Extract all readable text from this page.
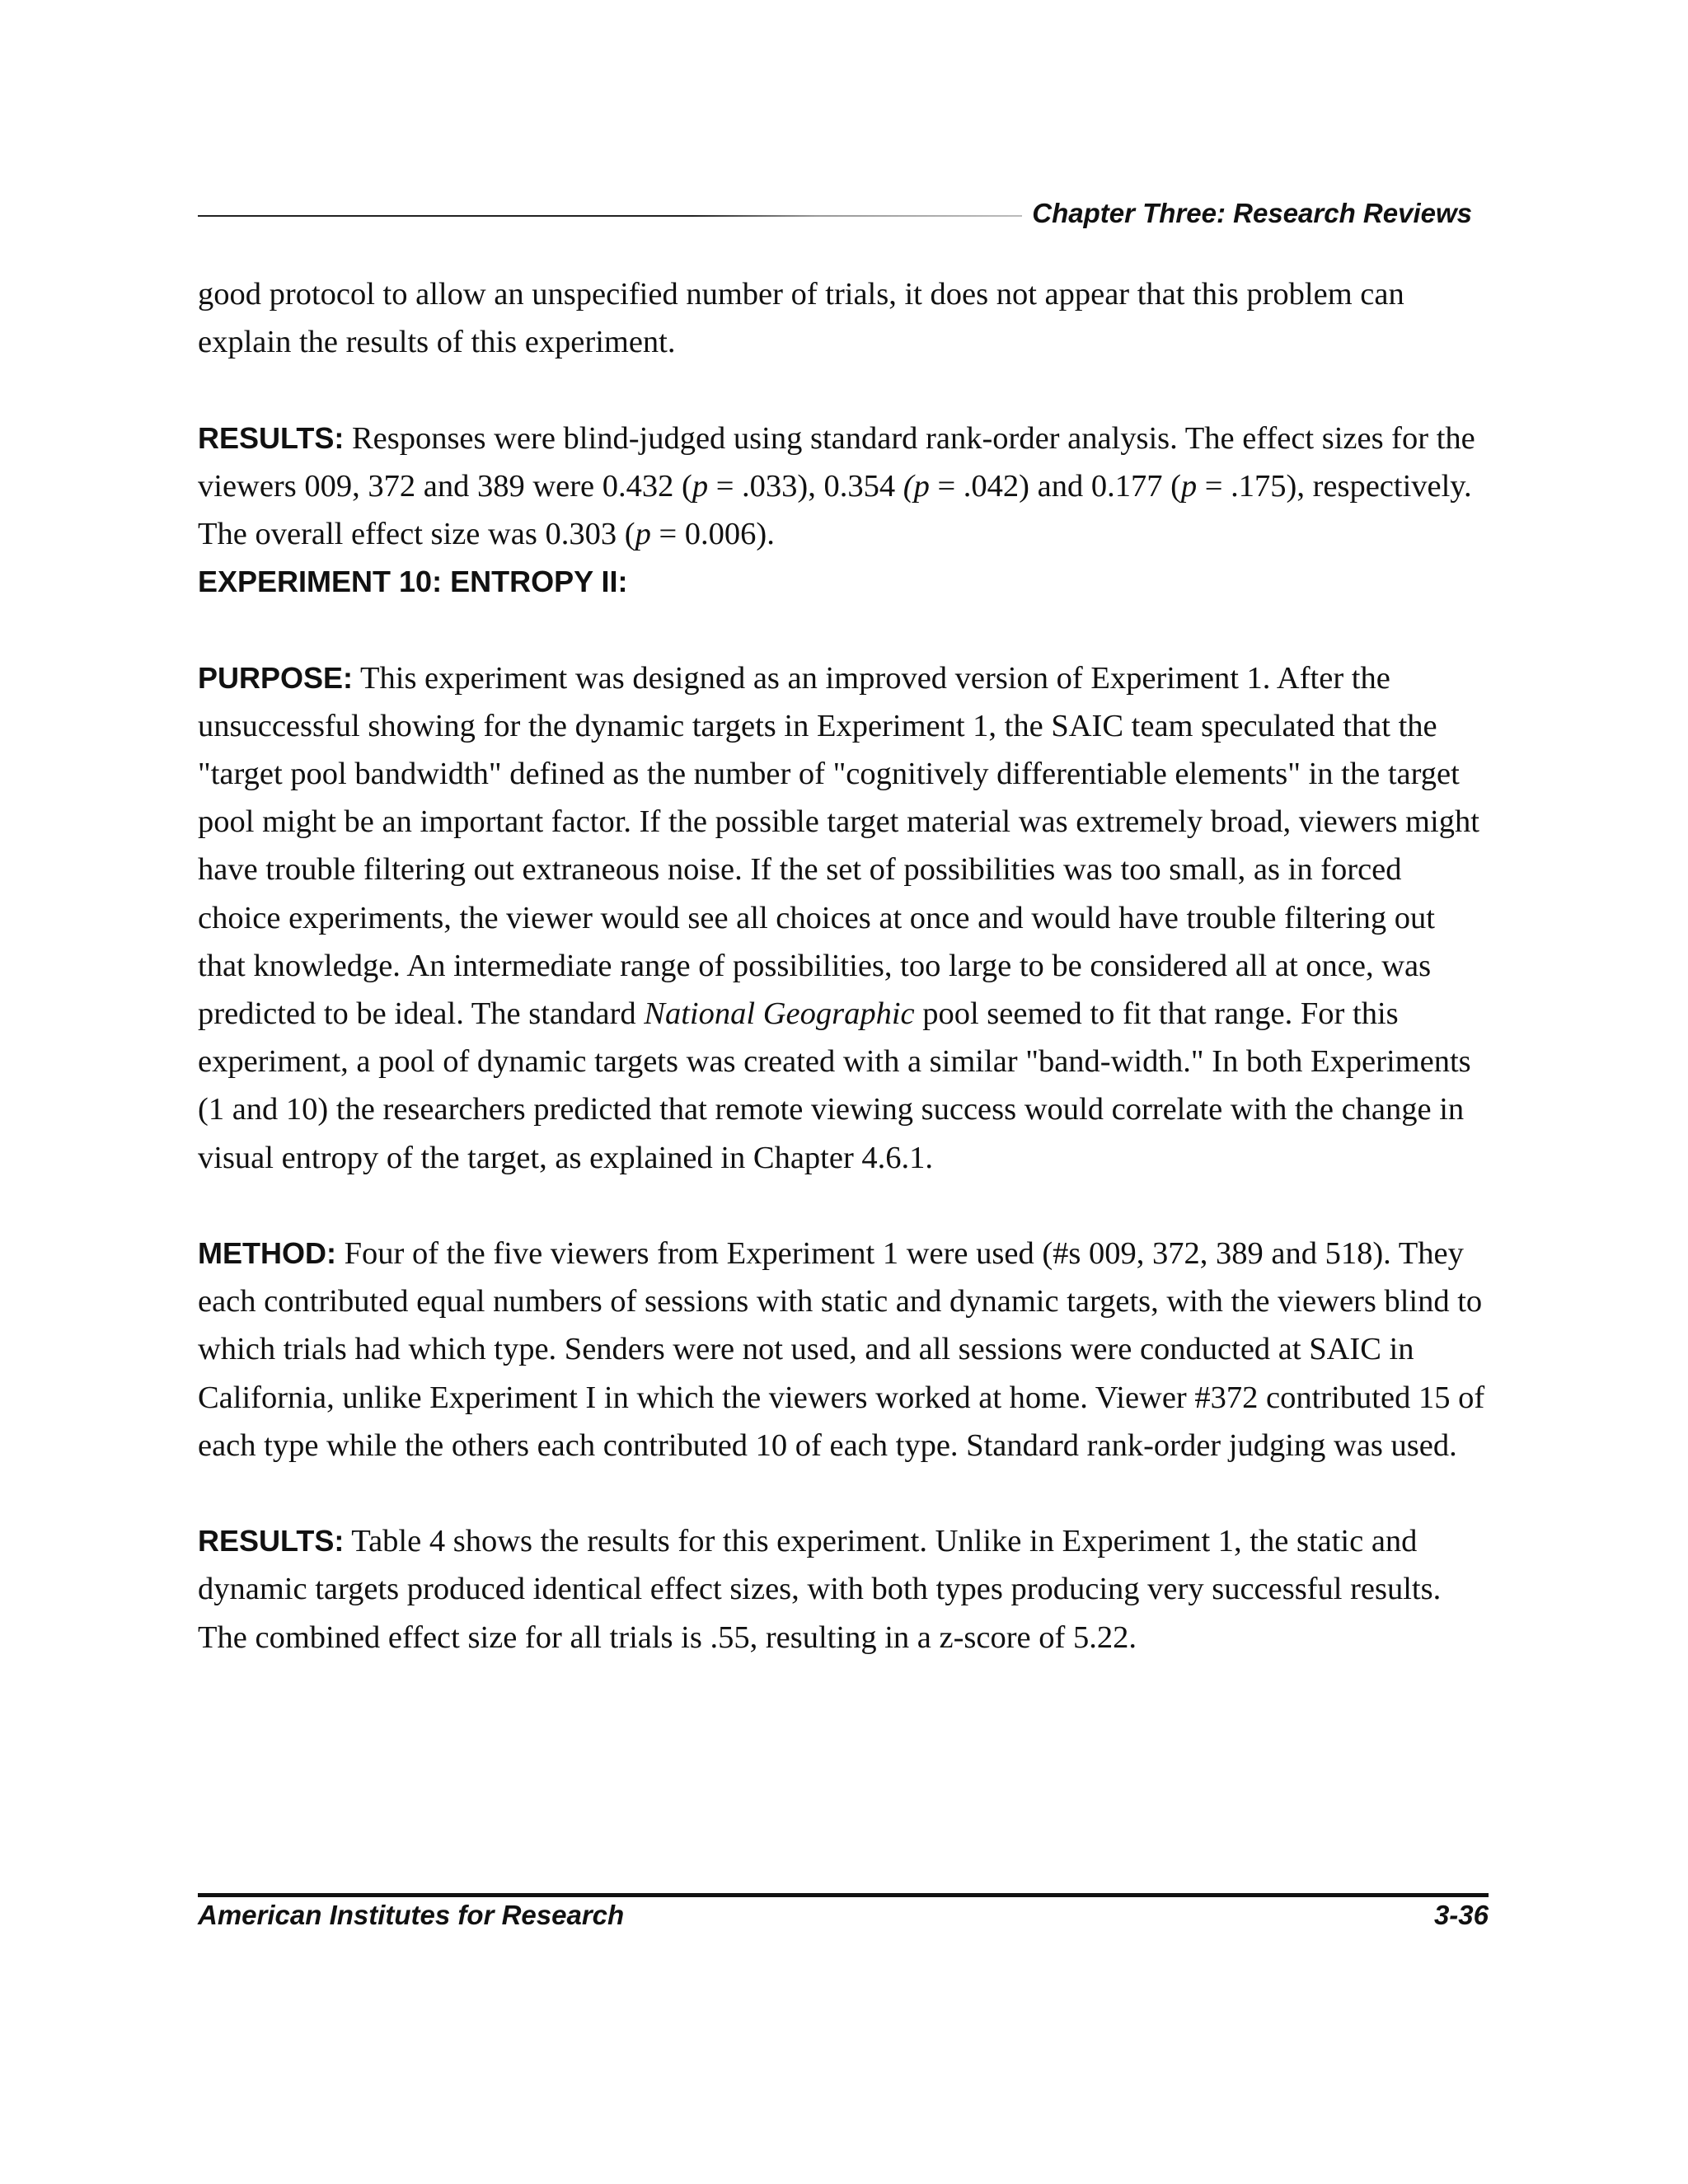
Chapter Three: Research Reviews

good protocol to allow an unspecified number of trials, it does not appear that this problem can explain the results of this experiment.

RESULTS: Responses were blind-judged using standard rank-order analysis. The effect sizes for the viewers 009, 372 and 389 were 0.432 (p = .033), 0.354 (p = .042) and 0.177 (p = .175), respectively. The overall effect size was 0.303 (p = 0.006).

EXPERIMENT 10: ENTROPY II:

PURPOSE: This experiment was designed as an improved version of Experiment 1. After the unsuccessful showing for the dynamic targets in Experiment 1, the SAIC team speculated that the "target pool bandwidth" defined as the number of "cognitively differentiable elements" in the target pool might be an important factor. If the possible target material was extremely broad, viewers might have trouble filtering out extraneous noise. If the set of possibilities was too small, as in forced choice experiments, the viewer would see all choices at once and would have trouble filtering out that knowledge. An intermediate range of possibilities, too large to be considered all at once, was predicted to be ideal. The standard National Geographic pool seemed to fit that range. For this experiment, a pool of dynamic targets was created with a similar "band-width." In both Experiments (1 and 10) the researchers predicted that remote viewing success would correlate with the change in visual entropy of the target, as explained in Chapter 4.6.1.

METHOD: Four of the five viewers from Experiment 1 were used (#s 009, 372, 389 and 518). They each contributed equal numbers of sessions with static and dynamic targets, with the viewers blind to which trials had which type. Senders were not used, and all sessions were conducted at SAIC in California, unlike Experiment I in which the viewers worked at home. Viewer #372 contributed 15 of each type while the others each contributed 10 of each type. Standard rank-order judging was used.

RESULTS: Table 4 shows the results for this experiment. Unlike in Experiment 1, the static and dynamic targets produced identical effect sizes, with both types producing very successful results. The combined effect size for all trials is .55, resulting in a z-score of 5.22.

American Institutes for Research	3-36
